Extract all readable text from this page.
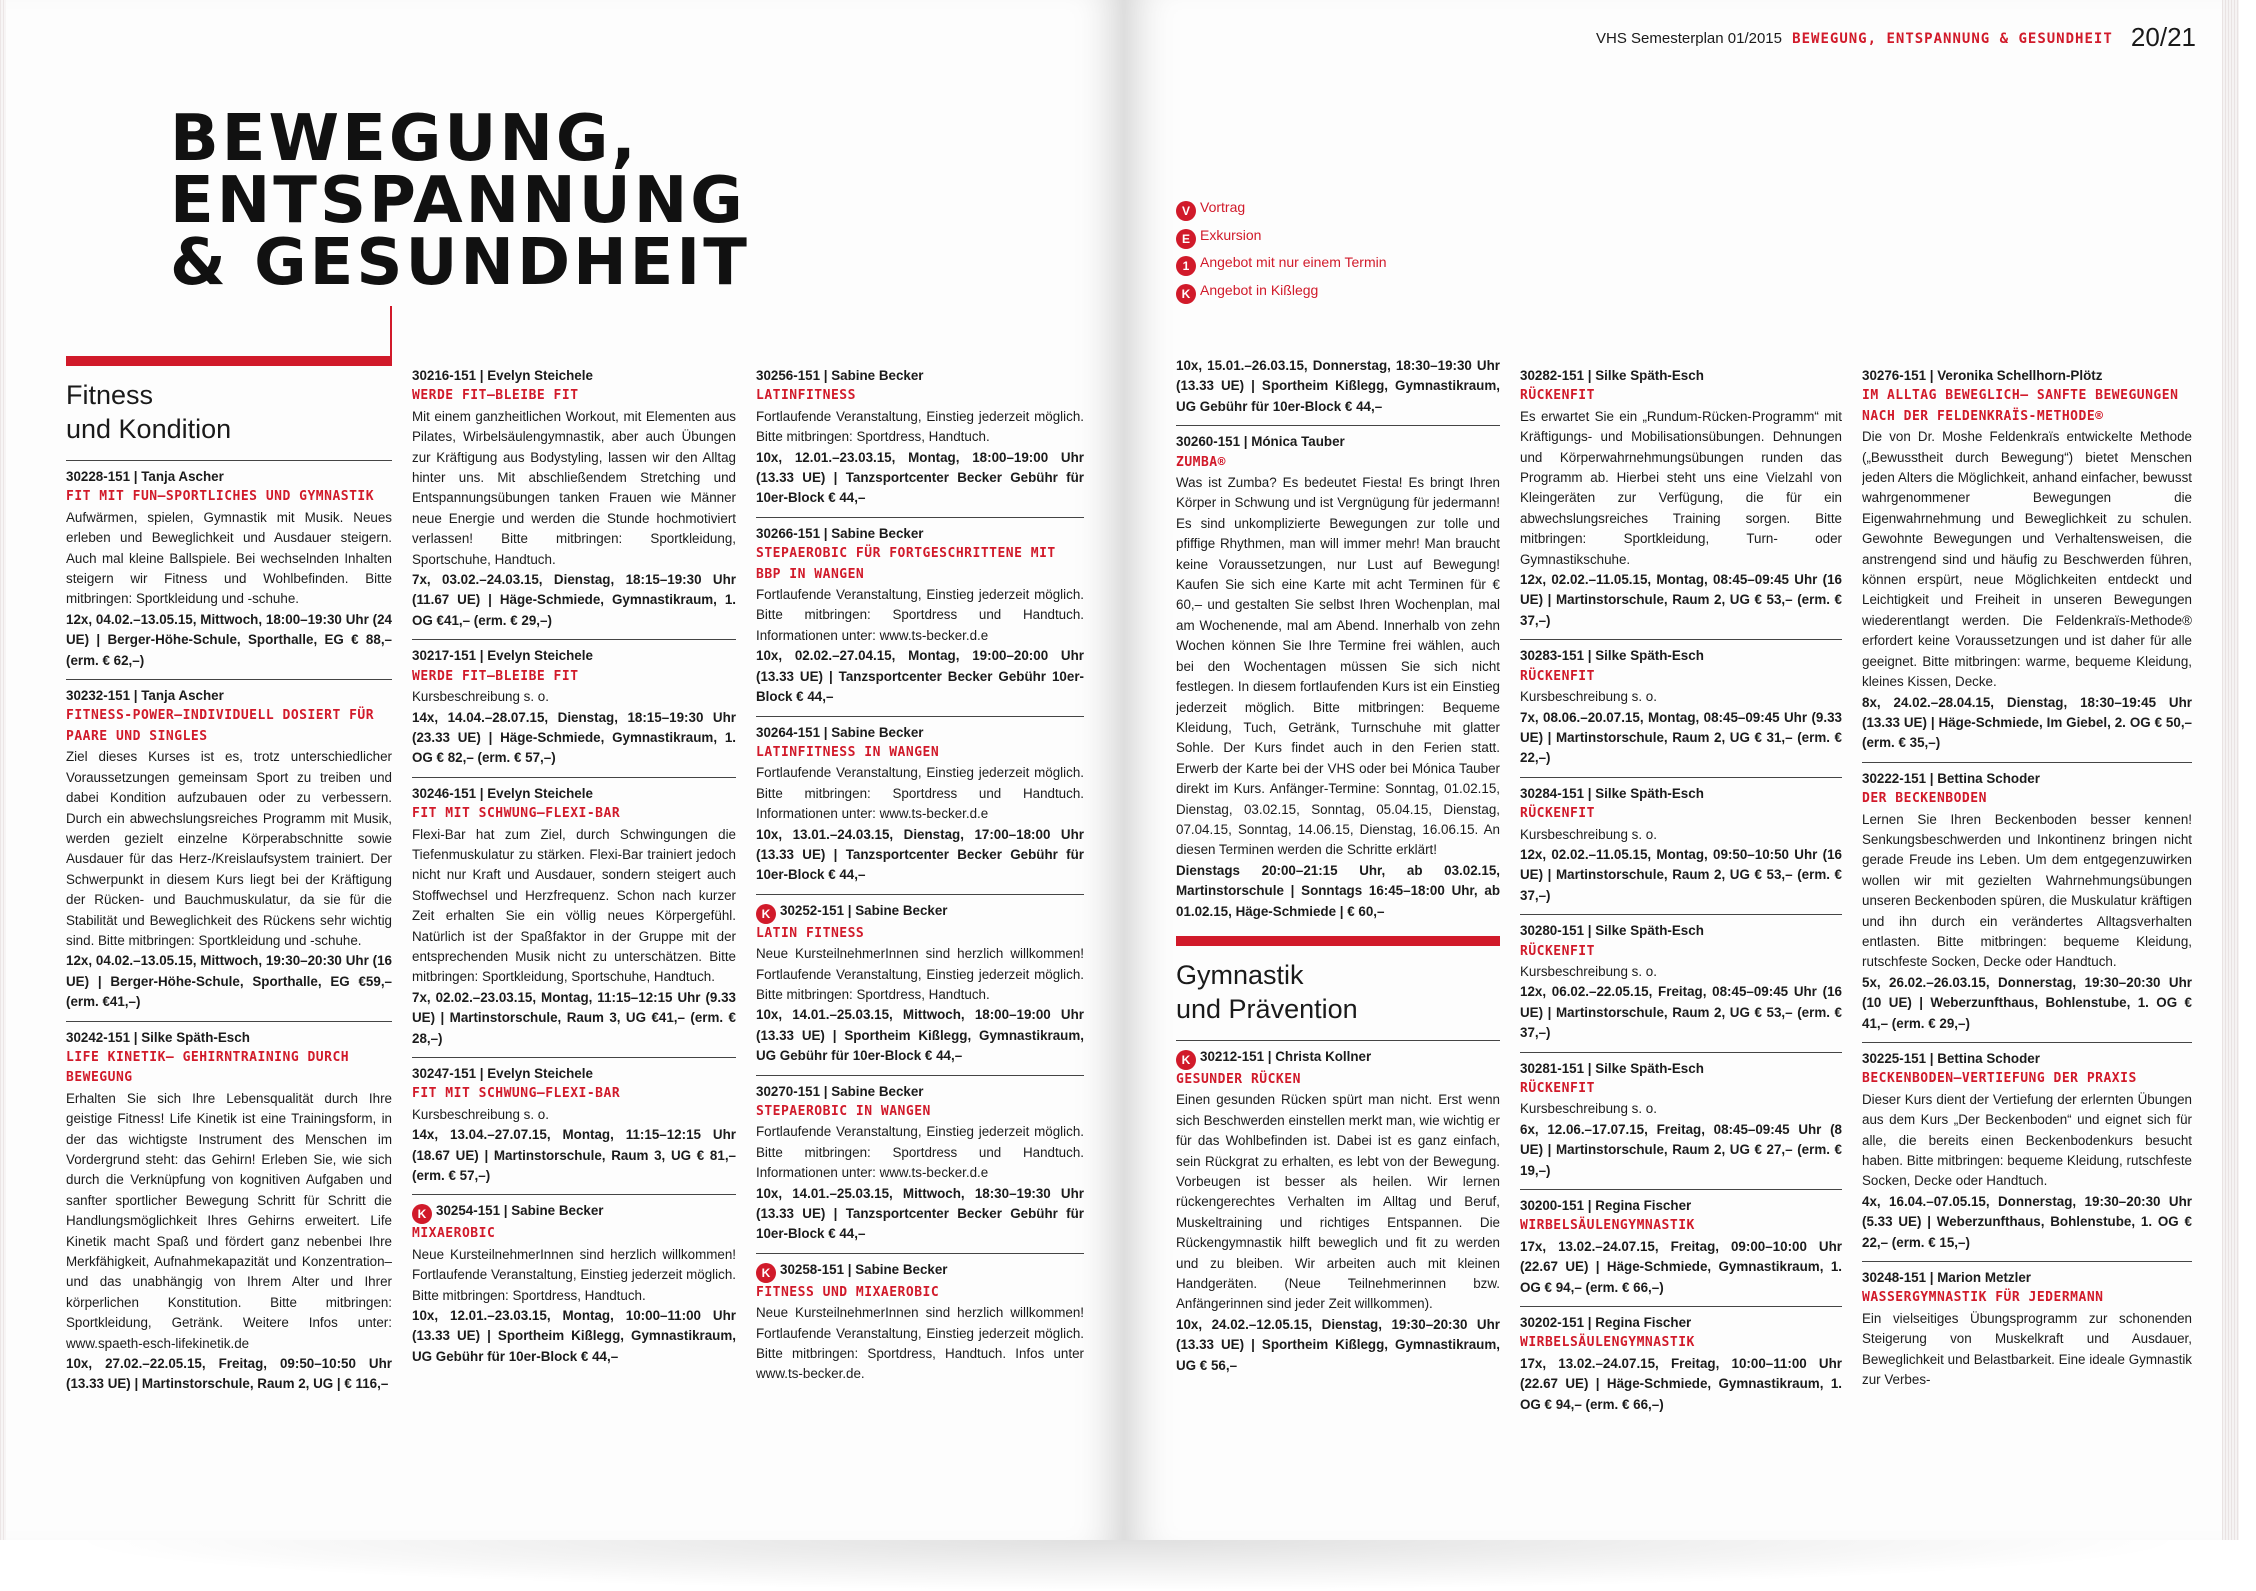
VHS Semesterplan 01/2015 BEWEGUNG, ENTSPANNUNG & GESUNDHEIT 20/21
BEWEGUNG,
ENTSPANNUNG
& GESUNDHEIT
V Vortrag
E Exkursion
1 Angebot mit nur einem Termin
K Angebot in Kißlegg
Fitness
und Kondition
30228-151 | Tanja Ascher
FIT MIT FUN–SPORTLICHES UND GYMNASTIK

Aufwärmen, spielen, Gymnastik mit Musik. Neues erleben und Beweglichkeit und Ausdauer steigern. Auch mal kleine Ballspiele. Bei wechselnden Inhalten steigern wir Fitness und Wohlbefinden. Bitte mitbringen: Sportkleidung und -schuhe.

12x, 04.02.–13.05.15, Mittwoch, 18:00–19:30 Uhr (24 UE) | Berger-Höhe-Schule, Sporthalle, EG € 88,– (erm. € 62,–)

30232-151 | Tanja Ascher
FITNESS-POWER–INDIVIDUELL DOSIERT FÜR PAARE UND SINGLES

Ziel dieses Kurses ist es, trotz unterschiedlicher Voraussetzungen gemeinsam Sport zu treiben und dabei Kondition aufzubauen oder zu verbessern. Durch ein abwechslungsreiches Programm mit Musik, werden gezielt einzelne Körperabschnitte sowie Ausdauer für das Herz-/Kreislaufsystem trainiert. Der Schwerpunkt in diesem Kurs liegt bei der Kräftigung der Rücken- und Bauchmuskulatur, da sie für die Stabilität und Beweglichkeit des Rückens sehr wichtig sind. Bitte mitbringen: Sportkleidung und -schuhe.

12x, 04.02.–13.05.15, Mittwoch, 19:30–20:30 Uhr (16 UE) | Berger-Höhe-Schule, Sporthalle, EG €59,– (erm. €41,–)

30242-151 | Silke Späth-Esch
LIFE KINETIK– GEHIRNTRAINING DURCH BEWEGUNG

Erhalten Sie sich Ihre Lebensqualität durch Ihre geistige Fitness! Life Kinetik ist eine Trainingsform, in der das wichtigste Instrument des Menschen im Vordergrund steht: das Gehirn! Erleben Sie, wie sich durch die Verknüpfung von kognitiven Aufgaben und sanfter sportlicher Bewegung Schritt für Schritt die Handlungsmöglichkeit Ihres Gehirns erweitert. Life Kinetik macht Spaß und fördert ganz nebenbei Ihre Merkfähigkeit, Aufnahmekapazität und Konzentration–und das unabhängig von Ihrem Alter und Ihrer körperlichen Konstitution. Bitte mitbringen: Sportkleidung, Getränk. Weitere Infos unter: www.spaeth-esch-lifekinetik.de

10x, 27.02.–22.05.15, Freitag, 09:50–10:50 Uhr (13.33 UE) | Martinstorschule, Raum 2, UG | € 116,–

30216-151 | Evelyn Steichele
WERDE FIT–BLEIBE FIT

Mit einem ganzheitlichen Workout, mit Elementen aus Pilates, Wirbelsäulengymnastik, aber auch Übungen zur Kräftigung aus Bodystyling, lassen wir den Alltag hinter uns. Mit abschließendem Stretching und Entspannungsübungen tanken Frauen wie Männer neue Energie und werden die Stunde hochmotiviert verlassen! Bitte mitbringen: Sportkleidung, Sportschuhe, Handtuch.

7x, 03.02.–24.03.15, Dienstag, 18:15–19:30 Uhr (11.67 UE) | Häge-Schmiede, Gymnastikraum, 1. OG €41,– (erm. € 29,–)

30217-151 | Evelyn Steichele
WERDE FIT–BLEIBE FIT

Kursbeschreibung s. o.

14x, 14.04.–28.07.15, Dienstag, 18:15–19:30 Uhr (23.33 UE) | Häge-Schmiede, Gymnastikraum, 1. OG € 82,– (erm. € 57,–)

30246-151 | Evelyn Steichele
FIT MIT SCHWUNG–FLEXI-BAR

Flexi-Bar hat zum Ziel, durch Schwingungen die Tiefenmuskulatur zu stärken. Flexi-Bar trainiert jedoch nicht nur Kraft und Ausdauer, sondern steigert auch Stoffwechsel und Herzfrequenz. Schon nach kurzer Zeit erhalten Sie ein völlig neues Körpergefühl. Natürlich ist der Spaßfaktor in der Gruppe mit der entsprechenden Musik nicht zu unterschätzen. Bitte mitbringen: Sportkleidung, Sportschuhe, Handtuch.

7x, 02.02.–23.03.15, Montag, 11:15–12:15 Uhr (9.33 UE) | Martinstorschule, Raum 3, UG €41,– (erm. € 28,–)

30247-151 | Evelyn Steichele
FIT MIT SCHWUNG–FLEXI-BAR

Kursbeschreibung s. o.

14x, 13.04.–27.07.15, Montag, 11:15–12:15 Uhr (18.67 UE) | Martinstorschule, Raum 3, UG € 81,– (erm. € 57,–)

K 30254-151 | Sabine Becker
MIXAEROBIC

Neue KursteilnehmerInnen sind herzlich willkommen! Fortlaufende Veranstaltung, Einstieg jederzeit möglich. Bitte mitbringen: Sportdress, Handtuch.

10x, 12.01.–23.03.15, Montag, 10:00–11:00 Uhr (13.33 UE) | Sportheim Kißlegg, Gymnastikraum, UG Gebühr für 10er-Block € 44,–

30256-151 | Sabine Becker
LATINFITNESS

Fortlaufende Veranstaltung, Einstieg jederzeit möglich. Bitte mitbringen: Sportdress, Handtuch.

10x, 12.01.–23.03.15, Montag, 18:00–19:00 Uhr (13.33 UE) | Tanzsportcenter Becker Gebühr für 10er-Block € 44,–

30266-151 | Sabine Becker
STEPAEROBIC FÜR FORTGESCHRITTENE MIT BBP IN WANGEN

Fortlaufende Veranstaltung, Einstieg jederzeit möglich. Bitte mitbringen: Sportdress und Handtuch. Informationen unter: www.ts-becker.d.e

10x, 02.02.–27.04.15, Montag, 19:00–20:00 Uhr (13.33 UE) | Tanzsportcenter Becker Gebühr 10er-Block € 44,–

30264-151 | Sabine Becker
LATINFITNESS IN WANGEN

Fortlaufende Veranstaltung, Einstieg jederzeit möglich. Bitte mitbringen: Sportdress und Handtuch. Informationen unter: www.ts-becker.d.e

10x, 13.01.–24.03.15, Dienstag, 17:00–18:00 Uhr (13.33 UE) | Tanzsportcenter Becker Gebühr für 10er-Block € 44,–

K 30252-151 | Sabine Becker
LATIN FITNESS

Neue KursteilnehmerInnen sind herzlich willkommen! Fortlaufende Veranstaltung, Einstieg jederzeit möglich. Bitte mitbringen: Sportdress, Handtuch.

10x, 14.01.–25.03.15, Mittwoch, 18:00–19:00 Uhr (13.33 UE) | Sportheim Kißlegg, Gymnastikraum, UG Gebühr für 10er-Block € 44,–

30270-151 | Sabine Becker
STEPAEROBIC IN WANGEN

Fortlaufende Veranstaltung, Einstieg jederzeit möglich. Bitte mitbringen: Sportdress und Handtuch. Informationen unter: www.ts-becker.d.e

10x, 14.01.–25.03.15, Mittwoch, 18:30–19:30 Uhr (13.33 UE) | Tanzsportcenter Becker Gebühr für 10er-Block € 44,–

K 30258-151 | Sabine Becker
FITNESS UND MIXAEROBIC

Neue KursteilnehmerInnen sind herzlich willkommen! Fortlaufende Veranstaltung, Einstieg jederzeit möglich. Bitte mitbringen: Sportdress, Handtuch. Infos unter www.ts-becker.de.

10x, 15.01.–26.03.15, Donnerstag, 18:30–19:30 Uhr (13.33 UE) | Sportheim Kißlegg, Gymnastikraum, UG Gebühr für 10er-Block € 44,–

30260-151 | Mónica Tauber
ZUMBA®

Was ist Zumba? Es bedeutet Fiesta! Es bringt Ihren Körper in Schwung und ist Vergnügung für jedermann! Es sind unkomplizierte Bewegungen zur tolle und pfiffige Rhythmen, man will immer mehr! Man braucht keine Voraussetzungen, nur Lust auf Bewegung! Kaufen Sie sich eine Karte mit acht Terminen für € 60,– und gestalten Sie selbst Ihren Wochenplan, mal am Wochenende, mal am Abend. Innerhalb von zehn Wochen können Sie Ihre Termine frei wählen, auch bei den Wochentagen müssen Sie sich nicht festlegen. In diesem fortlaufenden Kurs ist ein Einstieg jederzeit möglich. Bitte mitbringen: Bequeme Kleidung, Tuch, Getränk, Turnschuhe mit glatter Sohle. Der Kurs findet auch in den Ferien statt. Erwerb der Karte bei der VHS oder bei Mónica Tauber direkt im Kurs. Anfänger-Termine: Sonntag, 01.02.15, Dienstag, 03.02.15, Sonntag, 05.04.15, Dienstag, 07.04.15, Sonntag, 14.06.15, Dienstag, 16.06.15. An diesen Terminen werden die Schritte erklärt!

Dienstags 20:00–21:15 Uhr, ab 03.02.15, Martinstorschule | Sonntags 16:45–18:00 Uhr, ab 01.02.15, Häge-Schmiede | € 60,–

Gymnastik
und Prävention
K 30212-151 | Christa Kollner
GESUNDER RÜCKEN

Einen gesunden Rücken spürt man nicht. Erst wenn sich Beschwerden einstellen merkt man, wie wichtig er für das Wohlbefinden ist. Dabei ist es ganz einfach, sein Rückgrat zu erhalten, es lebt von der Bewegung. Vorbeugen ist besser als heilen. Wir lernen rückengerechtes Verhalten im Alltag und Beruf, Muskeltraining und richtiges Entspannen. Die Rückengymnastik hilft beweglich und fit zu werden und zu bleiben. Wir arbeiten auch mit kleinen Handgeräten. (Neue Teilnehmerinnen bzw. Anfängerinnen sind jeder Zeit willkommen).

10x, 24.02.–12.05.15, Dienstag, 19:30–20:30 Uhr (13.33 UE) | Sportheim Kißlegg, Gymnastikraum, UG € 56,–

30282-151 | Silke Späth-Esch
RÜCKENFIT

Es erwartet Sie ein „Rundum-Rücken-Programm“ mit Kräftigungs- und Mobilisationsübungen. Dehnungen und Körperwahrnehmungsübungen runden das Programm ab. Hierbei steht uns eine Vielzahl von Kleingeräten zur Verfügung, die für ein abwechslungsreiches Training sorgen. Bitte mitbringen: Sportkleidung, Turn- oder Gymnastikschuhe.

12x, 02.02.–11.05.15, Montag, 08:45–09:45 Uhr (16 UE) | Martinstorschule, Raum 2, UG € 53,– (erm. € 37,–)

30283-151 | Silke Späth-Esch
RÜCKENFIT

Kursbeschreibung s. o.

7x, 08.06.–20.07.15, Montag, 08:45–09:45 Uhr (9.33 UE) | Martinstorschule, Raum 2, UG € 31,– (erm. € 22,–)

30284-151 | Silke Späth-Esch
RÜCKENFIT

Kursbeschreibung s. o.

12x, 02.02.–11.05.15, Montag, 09:50–10:50 Uhr (16 UE) | Martinstorschule, Raum 2, UG € 53,– (erm. € 37,–)

30280-151 | Silke Späth-Esch
RÜCKENFIT

Kursbeschreibung s. o.

12x, 06.02.–22.05.15, Freitag, 08:45–09:45 Uhr (16 UE) | Martinstorschule, Raum 2, UG € 53,– (erm. € 37,–)

30281-151 | Silke Späth-Esch
RÜCKENFIT

Kursbeschreibung s. o.

6x, 12.06.–17.07.15, Freitag, 08:45–09:45 Uhr (8 UE) | Martinstorschule, Raum 2, UG € 27,– (erm. € 19,–)

30200-151 | Regina Fischer
WIRBELSÄULENGYMNASTIK

17x, 13.02.–24.07.15, Freitag, 09:00–10:00 Uhr (22.67 UE) | Häge-Schmiede, Gymnastikraum, 1. OG € 94,– (erm. € 66,–)

30202-151 | Regina Fischer
WIRBELSÄULENGYMNASTIK

17x, 13.02.–24.07.15, Freitag, 10:00–11:00 Uhr (22.67 UE) | Häge-Schmiede, Gymnastikraum, 1. OG € 94,– (erm. € 66,–)

30276-151 | Veronika Schellhorn-Plötz
IM ALLTAG BEWEGLICH– SANFTE BEWEGUNGEN NACH DER FELDENKRAÏS-METHODE®

Die von Dr. Moshe Feldenkraïs entwickelte Methode („Bewusstheit durch Bewegung“) bietet Menschen jeden Alters die Möglichkeit, anhand einfacher, bewusst wahrgenommener Bewegungen die Eigenwahrnehmung und Beweglichkeit zu schulen. Gewohnte Bewegungen und Verhaltensweisen, die anstrengend sind und häufig zu Beschwerden führen, können erspürt, neue Möglichkeiten entdeckt und Leichtigkeit und Freiheit in unseren Bewegungen wiederentlangt werden. Die Feldenkraïs-Methode® erfordert keine Voraussetzungen und ist daher für alle geeignet. Bitte mitbringen: warme, bequeme Kleidung, kleines Kissen, Decke.

8x, 24.02.–28.04.15, Dienstag, 18:30–19:45 Uhr (13.33 UE) | Häge-Schmiede, Im Giebel, 2. OG € 50,– (erm. € 35,–)

30222-151 | Bettina Schoder
DER BECKENBODEN

Lernen Sie Ihren Beckenboden besser kennen! Senkungsbeschwerden und Inkontinenz bringen nicht gerade Freude ins Leben. Um dem entgegenzuwirken wollen wir mit gezielten Wahrnehmungsübungen unseren Beckenboden spüren, die Muskulatur kräftigen und ihn durch ein verändertes Alltagsverhalten entlasten. Bitte mitbringen: bequeme Kleidung, rutschfeste Socken, Decke oder Handtuch.

5x, 26.02.–26.03.15, Donnerstag, 19:30–20:30 Uhr (10 UE) | Weberzunfthaus, Bohlenstube, 1. OG € 41,– (erm. € 29,–)

30225-151 | Bettina Schoder
BECKENBODEN–VERTIEFUNG DER PRAXIS

Dieser Kurs dient der Vertiefung der erlernten Übungen aus dem Kurs „Der Beckenboden“ und eignet sich für alle, die bereits einen Beckenbodenkurs besucht haben. Bitte mitbringen: bequeme Kleidung, rutschfeste Socken, Decke oder Handtuch.

4x, 16.04.–07.05.15, Donnerstag, 19:30–20:30 Uhr (5.33 UE) | Weberzunfthaus, Bohlenstube, 1. OG € 22,– (erm. € 15,–)

30248-151 | Marion Metzler
WASSERGYMNASTIK FÜR JEDERMANN

Ein vielseitiges Übungsprogramm zur schonenden Steigerung von Muskelkraft und Ausdauer, Beweglichkeit und Belastbarkeit. Eine ideale Gymnastik zur Verbes-
